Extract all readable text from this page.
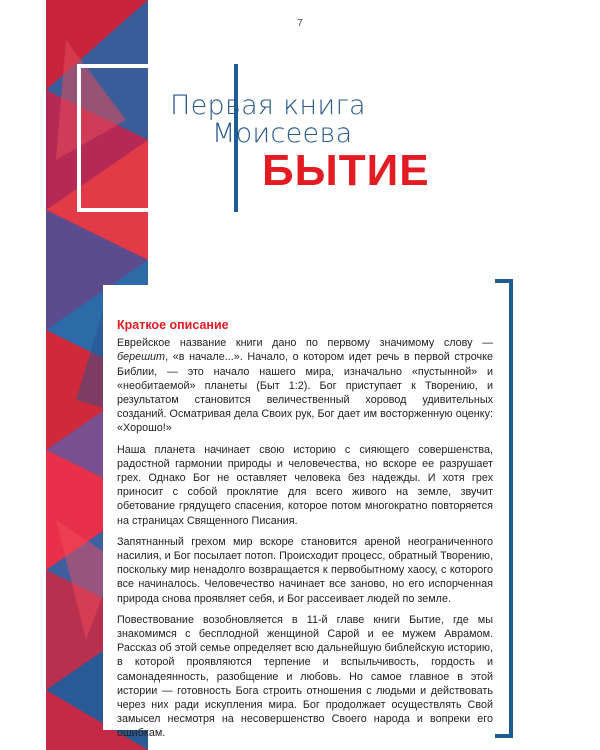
7
Первая книга
Моисеева
БЫТИЕ
Краткое описание

Еврейское название книги дано по первому значимому слову — берешит, «в начале...». Начало, о котором идет речь в первой строчке Библии, — это начало нашего мира, изначально «пустынной» и «необитаемой» планеты (Быт 1:2). Бог приступает к Творению, и результатом становится величественный хоровод удивительных созданий. Осматривая дела Своих рук, Бог дает им восторженную оценку: «Хорошо!»

Наша планета начинает свою историю с сияющего совершенства, радостной гармонии природы и человечества, но вскоре ее разрушает грех. Однако Бог не оставляет человека без надежды. И хотя грех приносит с собой проклятие для всего живого на земле, звучит обетование грядущего спасения, которое потом многократно повторяется на страницах Священного Писания.

Запятнанный грехом мир вскоре становится ареной неограниченного насилия, и Бог посылает потоп. Происходит процесс, обратный Творению, поскольку мир ненадолго возвращается к первобытному хаосу, с которого все начиналось. Человечество начинает все заново, но его испорченная природа снова проявляет себя, и Бог рассеивает людей по земле.

Повествование возобновляется в 11-й главе книги Бытие, где мы знакомимся с бесплодной женщиной Сарой и ее мужем Аврамом. Рассказ об этой семье определяет всю дальнейшую библейскую историю, в которой проявляются терпение и вспыльчивость, гордость и самонадеянность, разобщение и любовь. Но самое главное в этой истории — готовность Бога строить отношения с людьми и действовать через них ради искупления мира. Бог продолжает осуществлять Свой замысел несмотря на несовершенство Своего народа и вопреки его ошибкам.
